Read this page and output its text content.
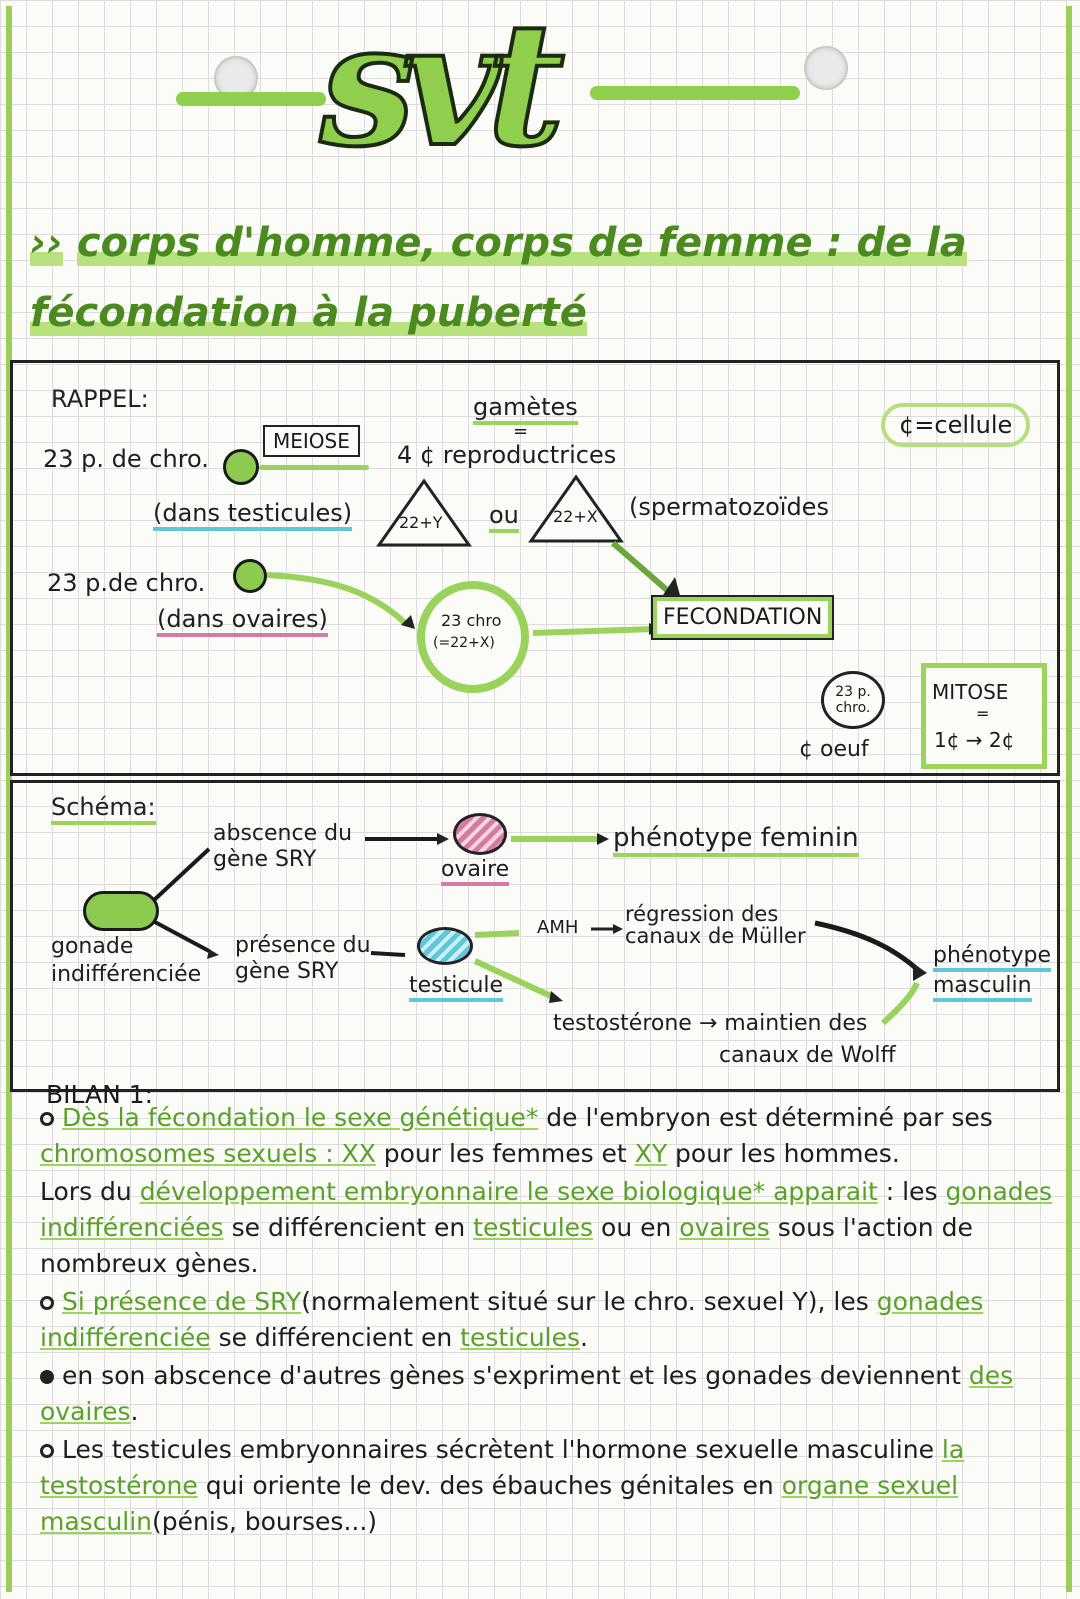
svt
›› corps d'homme, corps de femme : de la
fécondation à la puberté
RAPPEL:
23 p. de chro.
MEIOSE
(dans testicules)
gamètes
=
4 ¢ reproductrices
¢=cellule
22+Y ou 22+X (spermatozoïdes
23 p.de chro.
(dans ovaires)	23 chro
(=22+X)
FECONDATION
23 p. chro.
¢ oeuf
MITOSE
=
1¢ → 2¢
Schéma:
gonade indifférenciée
abscence du gène SRY
présence du gène SRY
ovaire
testicule
phénotype feminin
AMH
régression des canaux de Müller
testostérone → maintien des
canaux de Wolff
phénotype
masculin
BILAN 1:

Dès la fécondation le sexe génétique* de l'embryon est déterminé par ses chromosomes sexuels : XX pour les femmes et XY pour les hommes.

Lors du développement embryonnaire le sexe biologique* apparait : les gonades indifférenciées se différencient en testicules ou en ovaires sous l'action de nombreux gènes.

Si présence de SRY(normalement situé sur le chro. sexuel Y), les gonades indifférenciée se différencient en testicules.

en son abscence d'autres gènes s'expriment et les gonades deviennent des ovaires.

Les testicules embryonnaires sécrètent l'hormone sexuelle masculine la testostérone qui oriente le dev. des ébauches génitales en organe sexuel masculin(pénis, bourses...)
